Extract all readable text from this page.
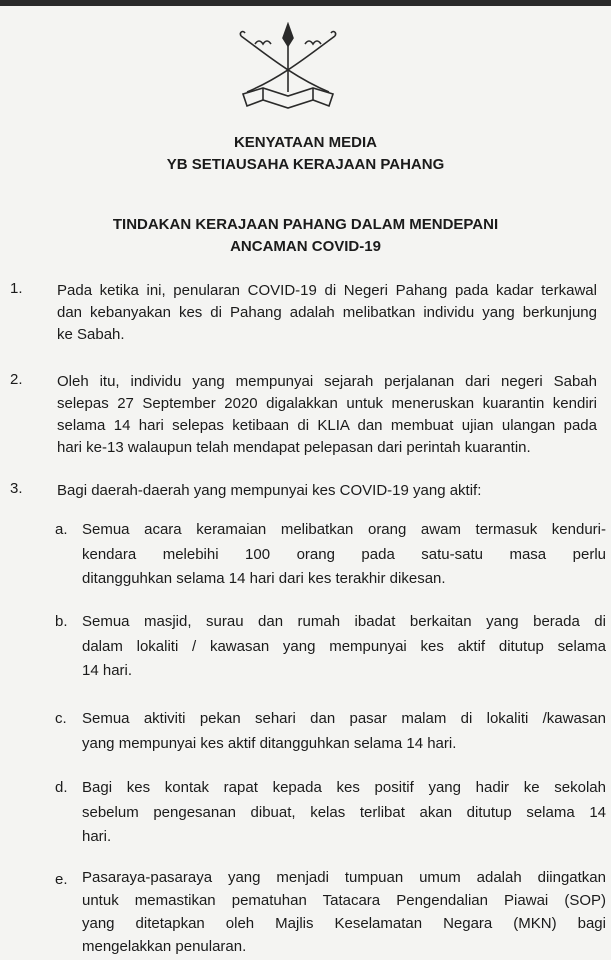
KENYATAAN MEDIA
YB SETIAUSAHA KERAJAAN PAHANG
TINDAKAN KERAJAAN PAHANG DALAM MENDEPANI
ANCAMAN COVID-19
1. Pada ketika ini, penularan COVID-19 di Negeri Pahang pada kadar terkawal
dan kebanyakan kes di Pahang adalah melibatkan individu yang berkunjung
ke Sabah.
2. Oleh itu, individu yang mempunyai sejarah perjalanan dari negeri Sabah
selepas 27 September 2020 digalakkan untuk meneruskan kuarantin kendiri
selama 14 hari selepas ketibaan di KLIA dan membuat ujian ulangan pada
hari ke-13 walaupun telah mendapat pelepasan dari perintah kuarantin.
3. Bagi daerah-daerah yang mempunyai kes COVID-19 yang aktif:
a. Semua acara keramaian melibatkan orang awam termasuk kenduri-
kendara melebihi 100 orang pada satu-satu masa perlu
ditangguhkan selama 14 hari dari kes terakhir dikesan.
b. Semua masjid, surau dan rumah ibadat berkaitan yang berada di
dalam lokaliti / kawasan yang mempunyai kes aktif ditutup selama
14 hari.
c. Semua aktiviti pekan sehari dan pasar malam di lokaliti /kawasan
yang mempunyai kes aktif ditangguhkan selama 14 hari.
d. Bagi kes kontak rapat kepada kes positif yang hadir ke sekolah
sebelum pengesanan dibuat, kelas terlibat akan ditutup selama 14
hari.
e. Pasaraya-pasaraya yang menjadi tumpuan umum adalah diingatkan
untuk memastikan pematuhan Tatacara Pengendalian Piawai (SOP)
yang ditetapkan oleh Majlis Keselamatan Negara (MKN) bagi
mengelakkan penularan.
